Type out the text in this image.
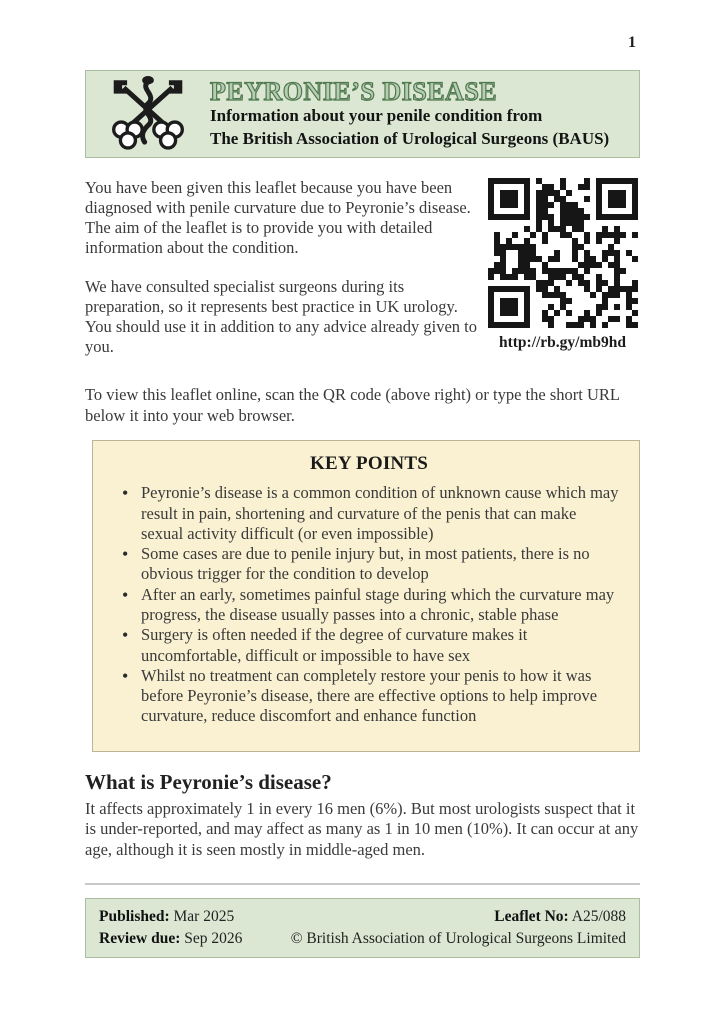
1
PEYRONIE’S DISEASE
Information about your penile condition from
The British Association of Urological Surgeons (BAUS)

You have been given this leaflet because you have been diagnosed with penile curvature due to Peyronie’s disease. The aim of the leaflet is to provide you with detailed information about the condition.

We have consulted specialist surgeons during its preparation, so it represents best practice in UK urology. You should use it in addition to any advice already given to you.	http://rb.gy/mb9hd

To view this leaflet online, scan the QR code (above right) or type the short URL below it into your web browser.

KEY POINTS
• Peyronie’s disease is a common condition of unknown cause which may result in pain, shortening and curvature of the penis that can make sexual activity difficult (or even impossible)
• Some cases are due to penile injury but, in most patients, there is no obvious trigger for the condition to develop
• After an early, sometimes painful stage during which the curvature may progress, the disease usually passes into a chronic, stable phase
• Surgery is often needed if the degree of curvature makes it uncomfortable, difficult or impossible to have sex
• Whilst no treatment can completely restore your penis to how it was before Peyronie’s disease, there are effective options to help improve curvature, reduce discomfort and enhance function
What is Peyronie’s disease?

It affects approximately 1 in every 16 men (6%). But most urologists suspect that it is under-reported, and may affect as many as 1 in 10 men (10%). It can occur at any age, although it is seen mostly in middle-aged men.

Published: Mar 2025
Review due: Sep 2026
Leaflet No: A25/088
© British Association of Urological Surgeons Limited
